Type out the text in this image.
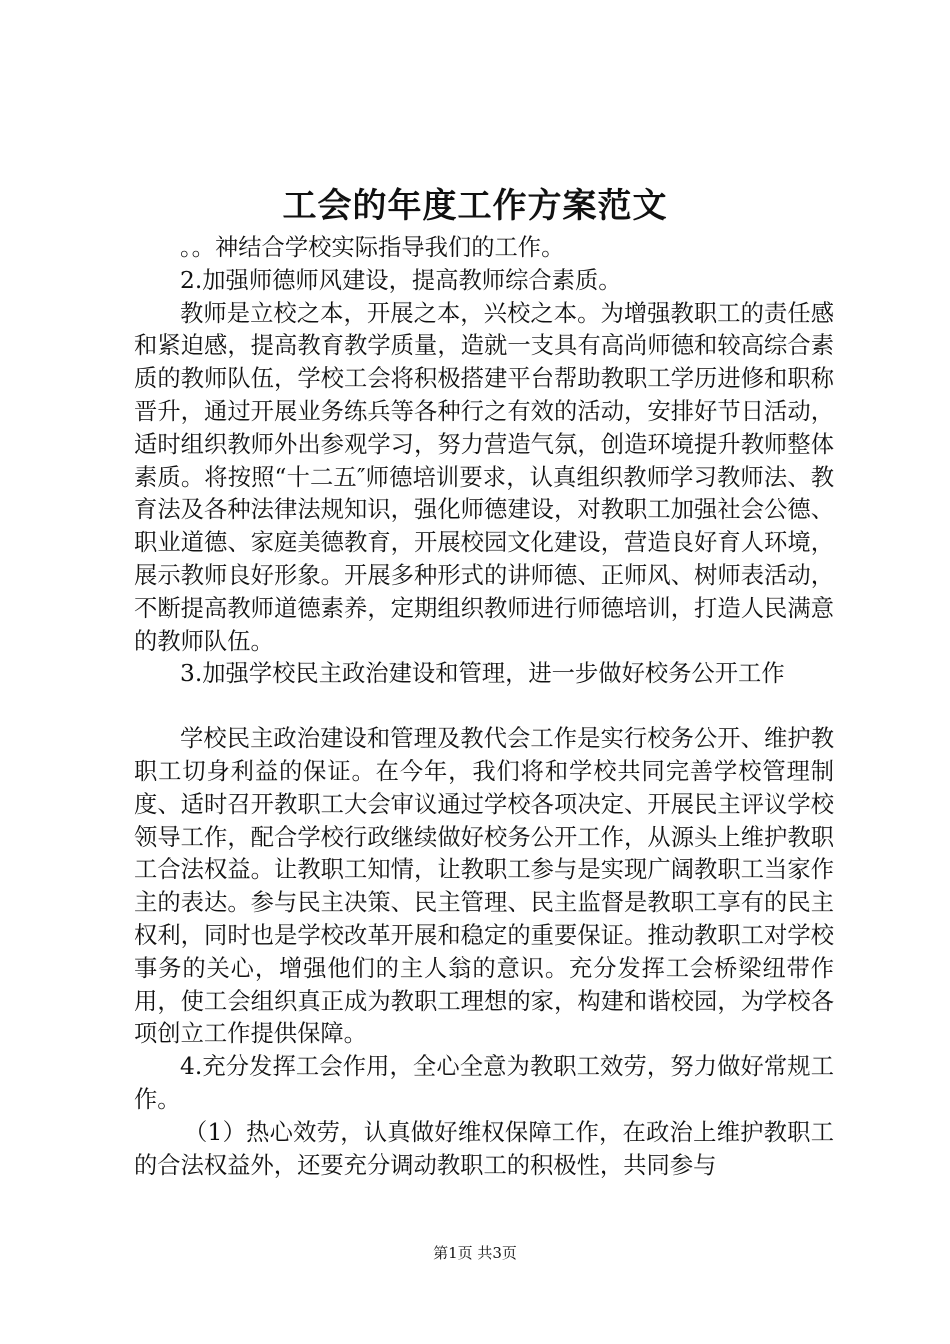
工会的年度工作方案范文

。。神结合学校实际指导我们的工作。

2.加强师德师风建设，提高教师综合素质。

教师是立校之本，开展之本，兴校之本。为增强教职工的责任感和紧迫感，提高教育教学质量，造就一支具有高尚师德和较高综合素质的教师队伍，学校工会将积极搭建平台帮助教职工学历进修和职称晋升，通过开展业务练兵等各种行之有效的活动，安排好节日活动，适时组织教师外出参观学习，努力营造气氛，创造环境提升教师整体素质。将按照“十二五″师德培训要求，认真组织教师学习教师法、教育法及各种法律法规知识，强化师德建设，对教职工加强社会公德、职业道德、家庭美德教育，开展校园文化建设，营造良好育人环境，展示教师良好形象。开展多种形式的讲师德、正师风、树师表活动，不断提高教师道德素养，定期组织教师进行师德培训，打造人民满意的教师队伍。

3.加强学校民主政治建设和管理，进一步做好校务公开工作

学校民主政治建设和管理及教代会工作是实行校务公开、维护教职工切身利益的保证。在今年，我们将和学校共同完善学校管理制度、适时召开教职工大会审议通过学校各项决定、开展民主评议学校领导工作，配合学校行政继续做好校务公开工作，从源头上维护教职工合法权益。让教职工知情，让教职工参与是实现广阔教职工当家作主的表达。参与民主决策、民主管理、民主监督是教职工享有的民主权利，同时也是学校改革开展和稳定的重要保证。推动教职工对学校事务的关心，增强他们的主人翁的意识。充分发挥工会桥梁纽带作用，使工会组织真正成为教职工理想的家，构建和谐校园，为学校各项创立工作提供保障。

4.充分发挥工会作用，全心全意为教职工效劳，努力做好常规工作。

（1）热心效劳，认真做好维权保障工作，在政治上维护教职工的合法权益外，还要充分调动教职工的积极性，共同参与

第1页 共3页
